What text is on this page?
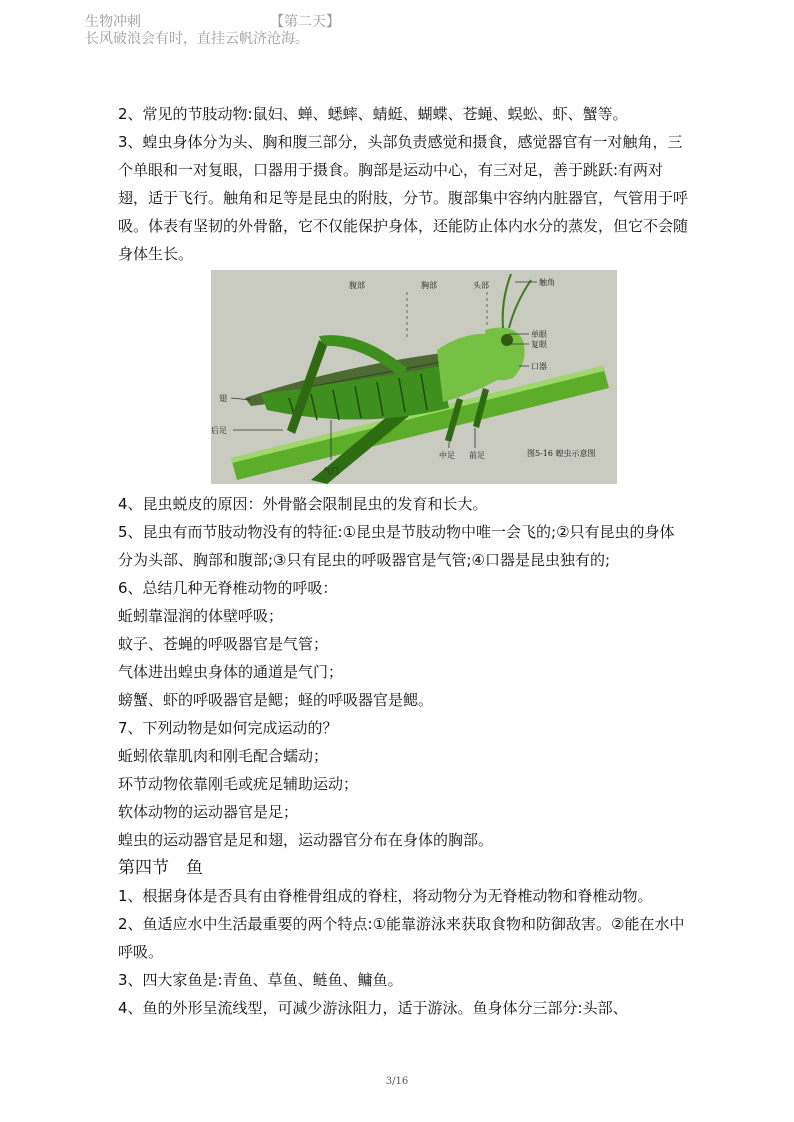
生物冲刺	【第二天】
长风破浪会有时，直挂云帆济沧海。

2、常见的节肢动物:鼠妇、蝉、蟋蟀、蜻蜓、蝴蝶、苍蝇、蜈蚣、虾、蟹等。

3、蝗虫身体分为头、胸和腹三部分，头部负责感觉和摄食，感觉器官有一对触角，三个单眼和一对复眼，口器用于摄食。胸部是运动中心，有三对足，善于跳跃:有两对翅，适于飞行。触角和足等是昆虫的附肢，分节。腹部集中容纳内脏器官，气管用于呼吸。体表有坚韧的外骨骼，它不仅能保护身体，还能防止体内水分的蒸发，但它不会随身体生长。

腹部	胸部	头部	触角
单眼
复眼
口器
翅
后足
气门
中足 前足	图5-16 蝗虫示意图

4、昆虫蜕皮的原因：外骨骼会限制昆虫的发育和长大。

5、昆虫有而节肢动物没有的特征:①昆虫是节肢动物中唯一会飞的;②只有昆虫的身体分为头部、胸部和腹部;③只有昆虫的呼吸器官是气管;④口器是昆虫独有的;

6、总结几种无脊椎动物的呼吸：

蚯蚓靠湿润的体壁呼吸；

蚊子、苍蝇的呼吸器官是气管；

气体进出蝗虫身体的通道是气门；

螃蟹、虾的呼吸器官是鳃；蛏的呼吸器官是鳃。

7、下列动物是如何完成运动的？

蚯蚓依靠肌肉和刚毛配合蠕动；

环节动物依靠刚毛或疣足辅助运动；

软体动物的运动器官是足；

蝗虫的运动器官是足和翅，运动器官分布在身体的胸部。

第四节　鱼

1、根据身体是否具有由脊椎骨组成的脊柱，将动物分为无脊椎动物和脊椎动物。

2、鱼适应水中生活最重要的两个特点:①能靠游泳来获取食物和防御敌害。②能在水中呼吸。

3、四大家鱼是:青鱼、草鱼、鲢鱼、鳙鱼。

4、鱼的外形呈流线型，可减少游泳阻力，适于游泳。鱼身体分三部分:头部、

3/16
